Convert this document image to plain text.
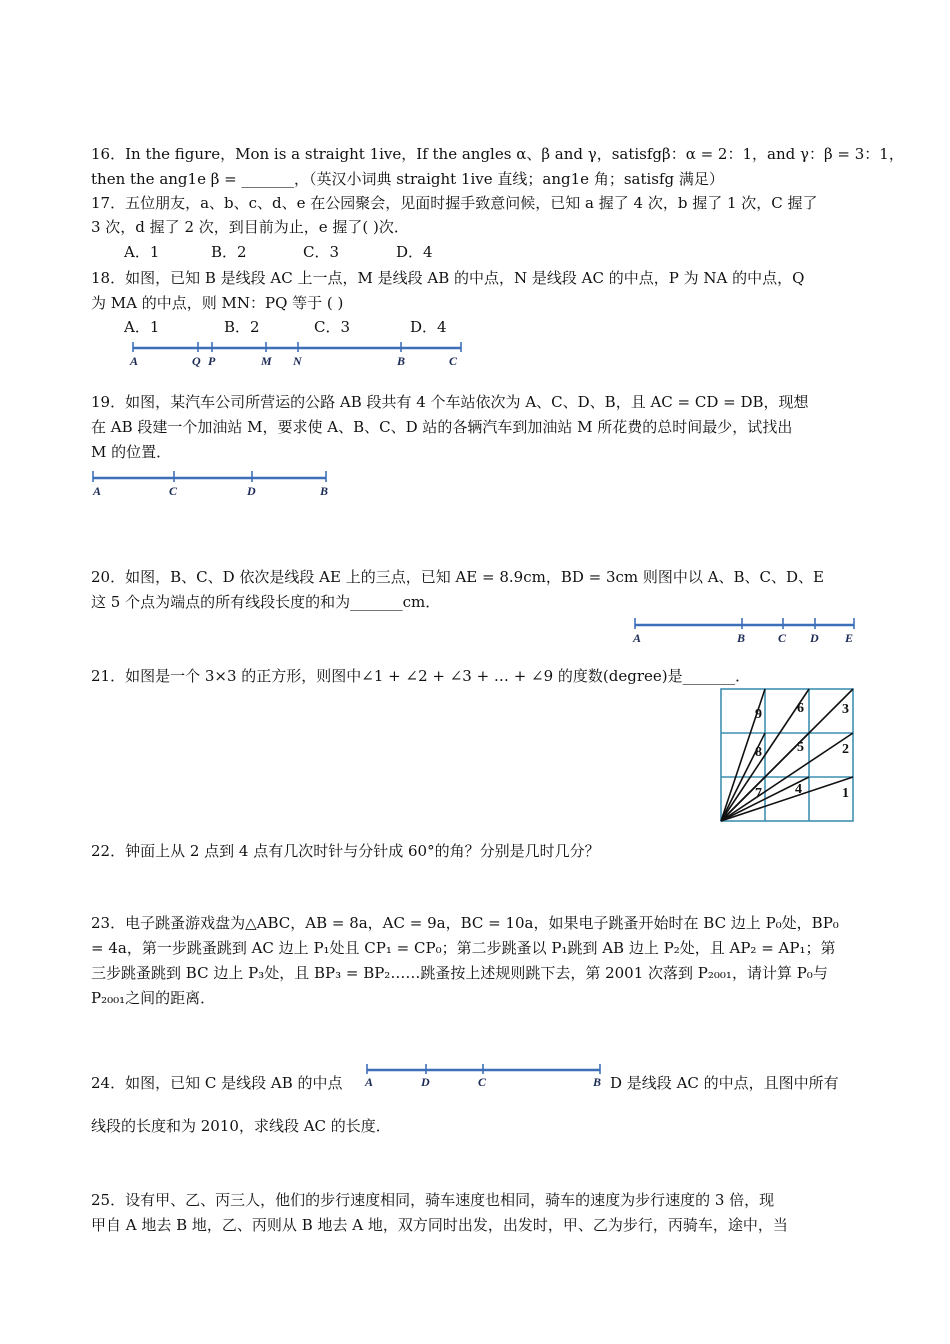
16．In the figure，Mon is a straight 1ive，If the angles α、β and γ，satisfgβ：α = 2：1，and γ：β = 3：1，
then the ang1e β = _______，（英汉小词典 straight 1ive 直线；ang1e 角；satisfg 满足）
17．五位朋友，a、b、c、d、e 在公园聚会，见面时握手致意问候，已知 a 握了 4 次，b 握了 1 次，C 握了
3 次，d 握了 2 次，到目前为止，e 握了( )次．
A．1	B．2	C．3	D．4
18．如图，已知 B 是线段 AC 上一点，M 是线段 AB 的中点，N 是线段 AC 的中点，P 为 NA 的中点，Q
为 MA 的中点，则 MN：PQ 等于 ( )
A．1	B．2	C．3	D．4
A	Q P	M N	B	C
19．如图，某汽车公司所营运的公路 AB 段共有 4 个车站依次为 A、C、D、B，且 AC = CD = DB，现想
在 AB 段建一个加油站 M，要求使 A、B、C、D 站的各辆汽车到加油站 M 所花费的总时间最少，试找出
M 的位置．
A	C	D	B
20．如图，B、C、D 依次是线段 AE 上的三点，已知 AE = 8.9cm，BD = 3cm 则图中以 A、B、C、D、E
这 5 个点为端点的所有线段长度的和为_______cm．
A	B	C D E
21．如图是一个 3×3 的正方形，则图中∠1 + ∠2 + ∠3 + … + ∠9 的度数(degree)是_______．
1
2
3
4
5
6
7
8
9
22．钟面上从 2 点到 4 点有几次时针与分针成 60°的角？分别是几时几分？
23．电子跳蚤游戏盘为△ABC，AB = 8a，AC = 9a，BC = 10a，如果电子跳蚤开始时在 BC 边上 P₀处，BP₀
= 4a，第一步跳蚤跳到 AC 边上 P₁处且 CP₁ = CP₀；第二步跳蚤以 P₁跳到 AB 边上 P₂处，且 AP₂ = AP₁；第
三步跳蚤跳到 BC 边上 P₃处，且 BP₃ = BP₂……跳蚤按上述规则跳下去，第 2001 次落到 P₂₀₀₁，请计算 P₀与
P₂₀₀₁之间的距离．
24．如图，已知 C 是线段 AB 的中点 A	D	C	B D 是线段 AC 的中点，且图中所有
线段的长度和为 2010，求线段 AC 的长度．
25．设有甲、乙、丙三人，他们的步行速度相同，骑车速度也相同，骑车的速度为步行速度的 3 倍，现
甲自 A 地去 B 地，乙、丙则从 B 地去 A 地，双方同时出发，出发时，甲、乙为步行，丙骑车，途中，当
